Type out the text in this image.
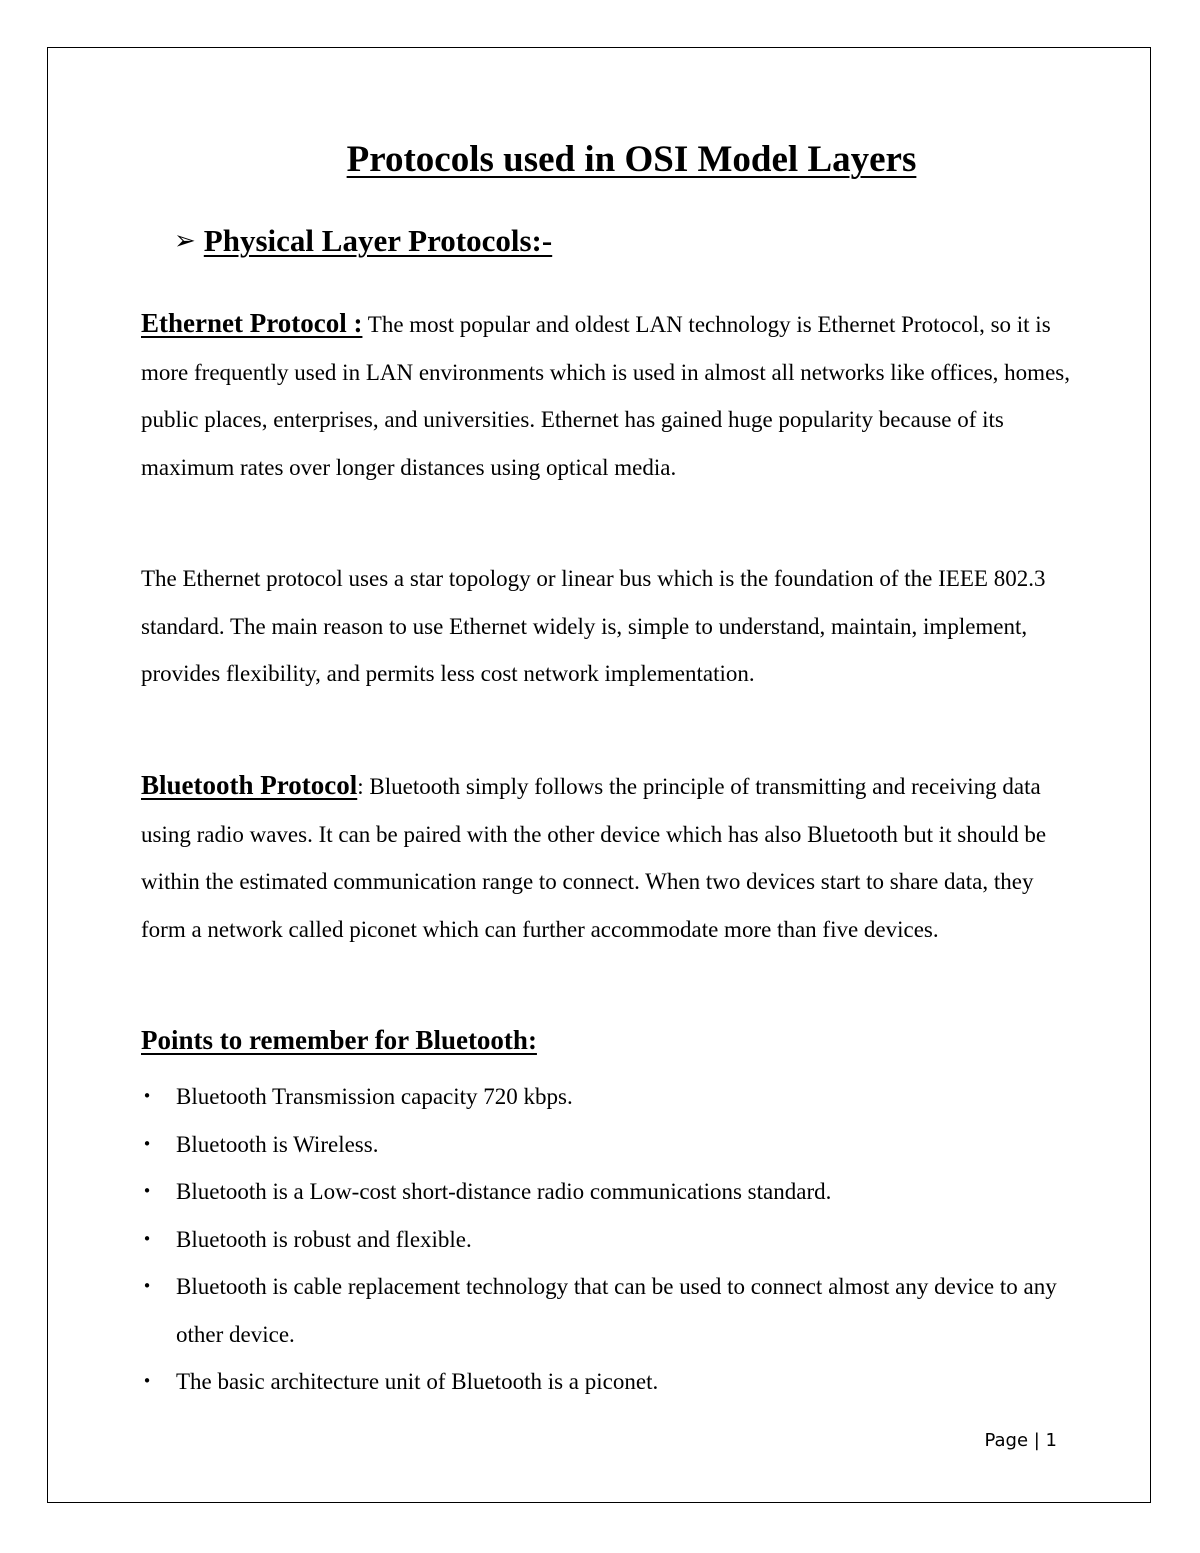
Protocols used in OSI Model Layers
➢ Physical Layer Protocols:-

Ethernet Protocol : The most popular and oldest LAN technology is Ethernet Protocol, so it is more frequently used in LAN environments which is used in almost all networks like offices, homes, public places, enterprises, and universities. Ethernet has gained huge popularity because of its maximum rates over longer distances using optical media.

The Ethernet protocol uses a star topology or linear bus which is the foundation of the IEEE 802.3 standard. The main reason to use Ethernet widely is, simple to understand, maintain, implement, provides flexibility, and permits less cost network implementation.

Bluetooth Protocol: Bluetooth simply follows the principle of transmitting and receiving data using radio waves. It can be paired with the other device which has also Bluetooth but it should be within the estimated communication range to connect. When two devices start to share data, they form a network called piconet which can further accommodate more than five devices.

Points to remember for Bluetooth:
• Bluetooth Transmission capacity 720 kbps.
• Bluetooth is Wireless.
• Bluetooth is a Low-cost short-distance radio communications standard.
• Bluetooth is robust and flexible.
• Bluetooth is cable replacement technology that can be used to connect almost any device to any other device.
• The basic architecture unit of Bluetooth is a piconet.
Page | 1
